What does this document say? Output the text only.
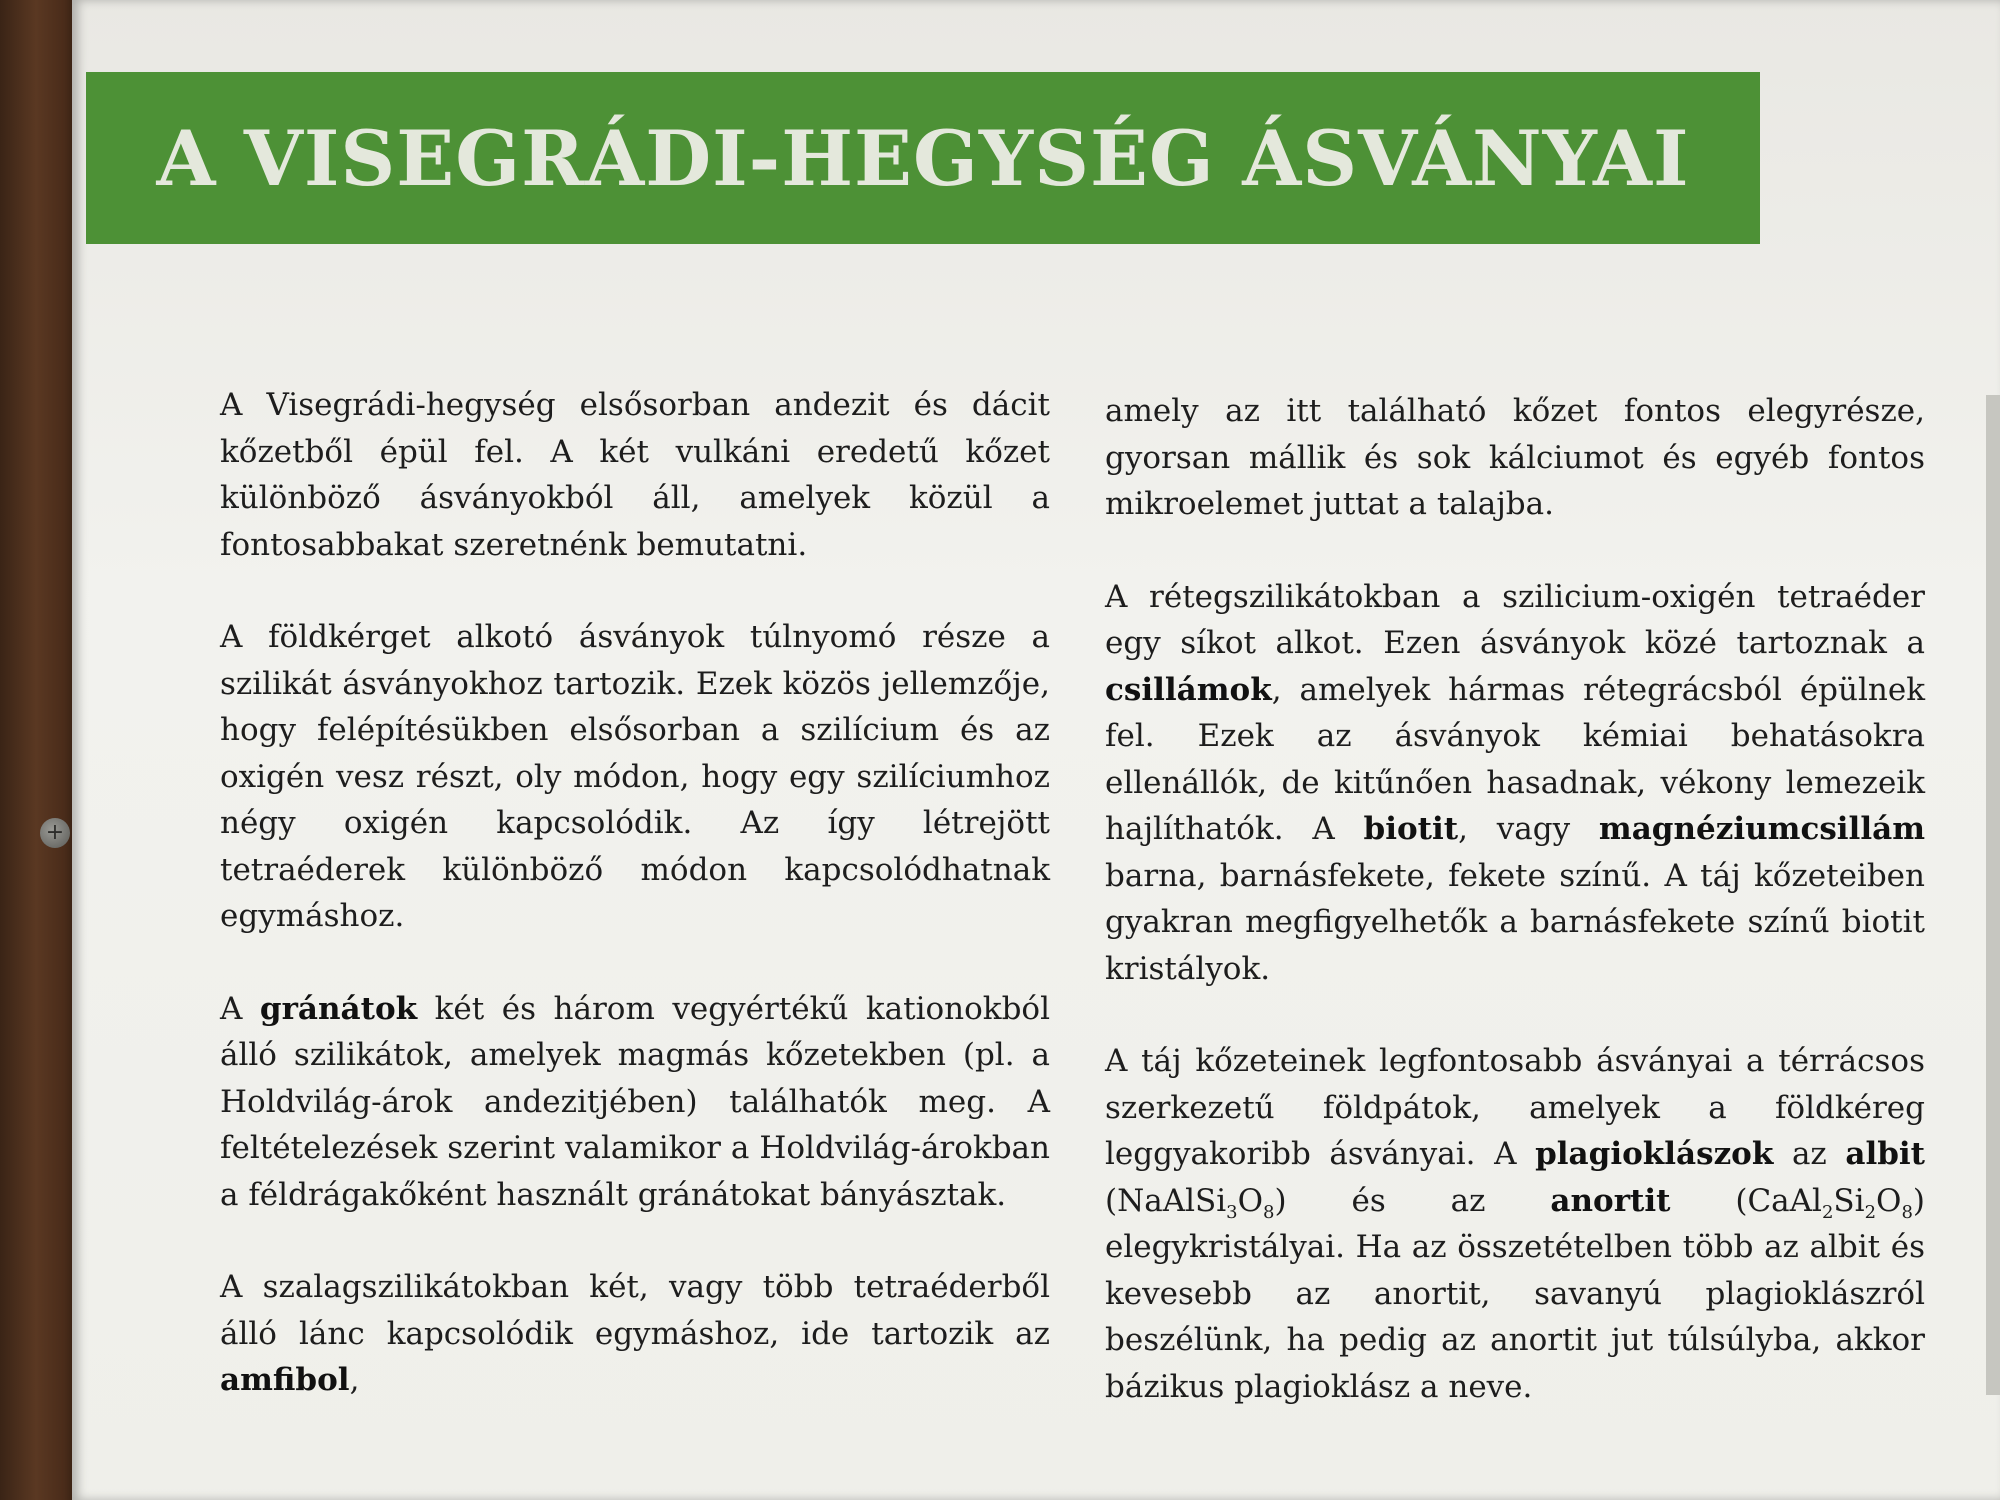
A VISEGRÁDI-HEGYSÉG ÁSVÁNYAI
+

A Visegrádi-hegység elsősorban andezit és dácit kőzetből épül fel. A két vulkáni eredetű kőzet különböző ásványokból áll, amelyek közül a fontosabbakat szeretnénk bemutatni.

A földkérget alkotó ásványok túlnyomó része a szilikát ásványokhoz tartozik. Ezek közös jellemzője, hogy felépítésükben elsősorban a szilícium és az oxigén vesz részt, oly módon, hogy egy szilíciumhoz négy oxigén kapcsolódik. Az így létrejött tetraéderek különböző módon kapcsolódhatnak egymáshoz.

A gránátok két és három vegyértékű kationokból álló szilikátok, amelyek magmás kőzetekben (pl. a Holdvilág-árok andezitjében) találhatók meg. A feltételezések szerint valamikor a Holdvilág-árokban a féldrágakőként használt gránátokat bányásztak.

A szalagszilikátokban két, vagy több tetraéderből álló lánc kapcsolódik egymáshoz, ide tartozik az amfibol,

amely az itt található kőzet fontos elegyrésze, gyorsan mállik és sok kálciumot és egyéb fontos mikroelemet juttat a talajba.

A rétegszilikátokban a szilicium-oxigén tetraéder egy síkot alkot. Ezen ásványok közé tartoznak a csillámok, amelyek hármas rétegrácsból épülnek fel. Ezek az ásványok kémiai behatásokra ellenállók, de kitűnően hasadnak, vékony lemezeik hajlíthatók. A biotit, vagy magnéziumcsillám barna, barnásfekete, fekete színű. A táj kőzeteiben gyakran megfigyelhetők a barnásfekete színű biotit kristályok.

A táj kőzeteinek legfontosabb ásványai a térrácsos szerkezetű földpátok, amelyek a földkéreg leggyakoribb ásványai. A plagioklászok az albit $(NaAlSi_3O_8)$ és az anortit $(CaAl_2Si_2O_8)$ elegykristályai. Ha az összetételben több az albit és kevesebb az anortit, savanyú plagioklászról beszélünk, ha pedig az anortit jut túlsúlyba, akkor bázikus plagioklász a neve.
